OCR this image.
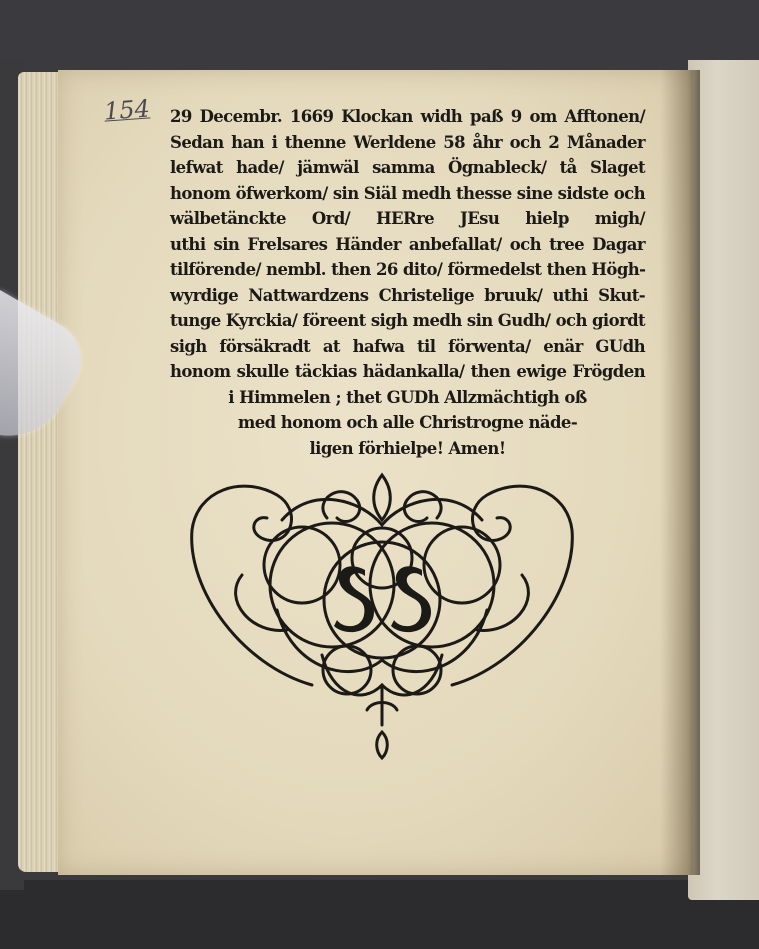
154 29 Decembr. 1669 Klockan widh paß 9 om Afftonen/
Sedan han i thenne Werldene 58 åhr och 2 Månader
lefwat hade/ jämwäl samma Ögnableck/ tå Slaget
honom öfwerkom/ sin Siäl medh thesse sine sidste och
wälbetänckte Ord/ HERre JEsu hielp migh/
uthi sin Frelsares Händer anbefallat/ och tree Dagar
tilförende/ nembl. then 26 dito/ förmedelst then Högh-
wyrdige Nattwardzens Christelige bruuk/ uthi Skut-
tunge Kyrckia/ föreent sigh medh sin Gudh/ och giordt
sigh försäkradt at hafwa til förwenta/ enär GUdh
honom skulle täckias hädankalla/ then ewige Frögden
i Himmelen ; thet GUDh Allzmächtigh oß
med honom och alle Christrogne näde-
ligen förhielpe! Amen!
